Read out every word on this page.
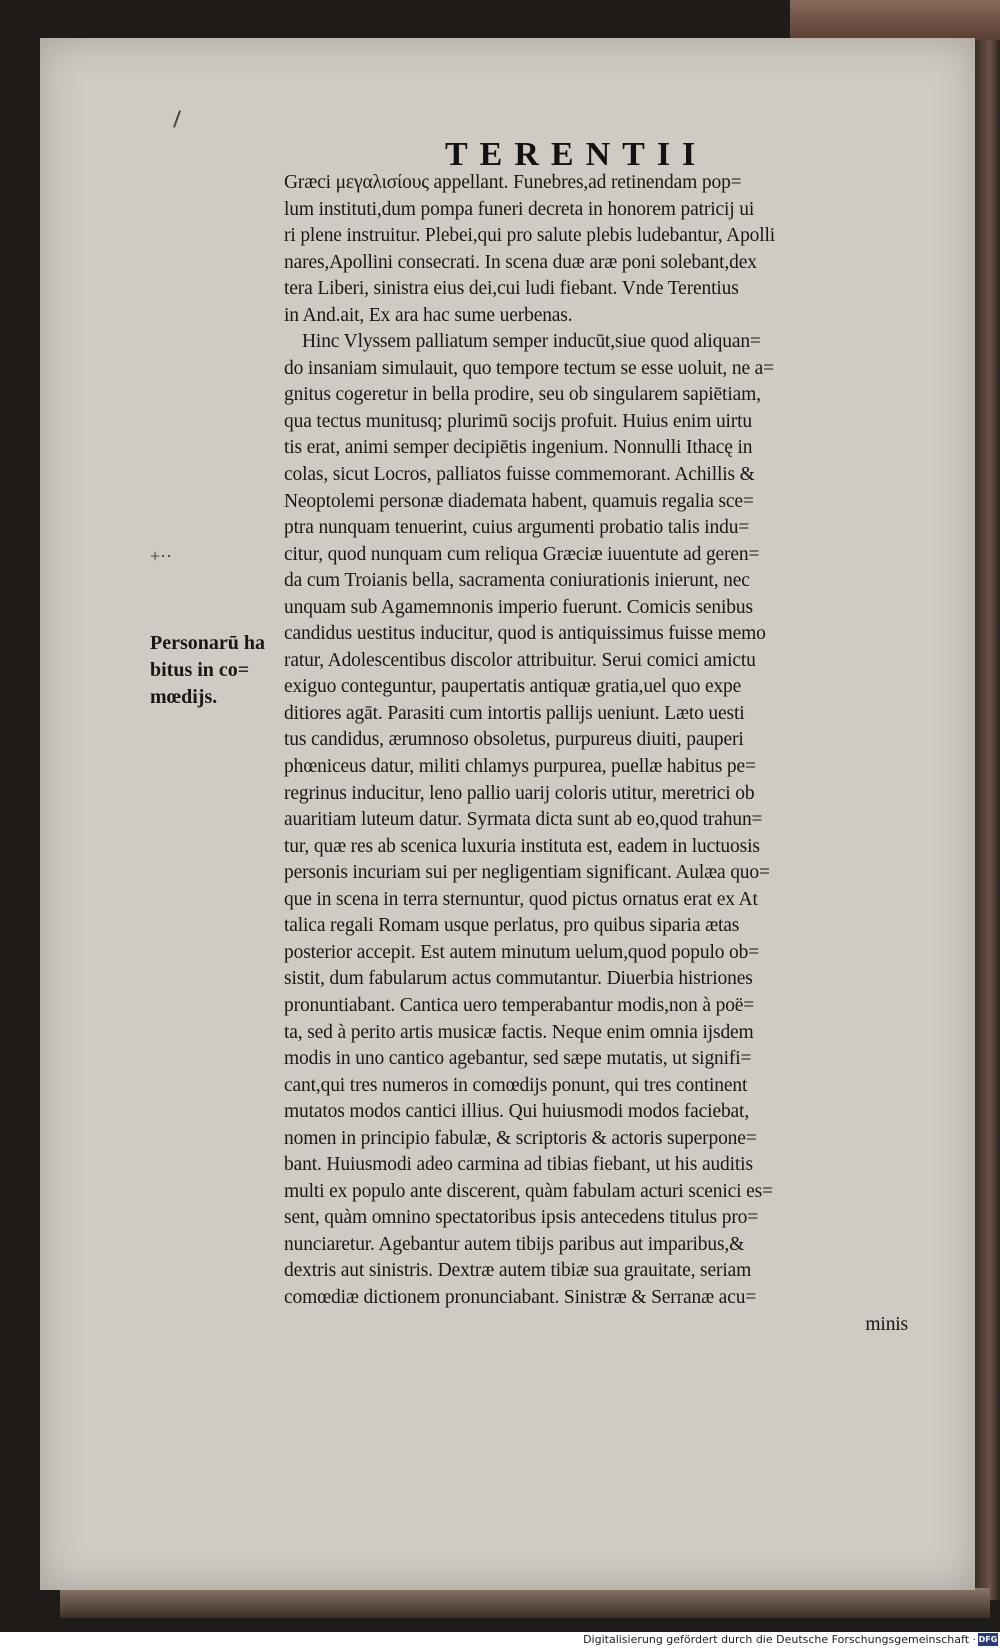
TERENTII
Græci μεγαλισίους appellant. Funebres,ad retinendam pop=
lum instituti,dum pompa funeri decreta in honorem patricij ui
ri plene instruitur. Plebei,qui pro salute plebis ludebantur, Apolli
nares,Apollini consecrati. In scena duæ aræ poni solebant,dex
tera Liberi, sinistra eius dei,cui ludi fiebant. Vnde Terentius
in And.ait, Ex ara hac sume uerbenas.
Hinc Vlyssem palliatum semper inducūt,siue quod aliquan=
do insaniam simulauit, quo tempore tectum se esse uoluit, ne a=
gnitus cogeretur in bella prodire, seu ob singularem sapiētiam,
qua tectus munitusq; plurimū socijs profuit. Huius enim uirtu
tis erat, animi semper decipiētis ingenium. Nonnulli Ithacę in
colas, sicut Locros, palliatos fuisse commemorant. Achillis &
Neoptolemi personæ diademata habent, quamuis regalia sce=
ptra nunquam tenuerint, cuius argumenti probatio talis indu=
citur, quod nunquam cum reliqua Græciæ iuuentute ad geren=
da cum Troianis bella, sacramenta coniurationis inierunt, nec
unquam sub Agamemnonis imperio fuerunt. Comicis senibus
candidus uestitus inducitur, quod is antiquissimus fuisse memo
ratur, Adolescentibus discolor attribuitur. Serui comici amictu
exiguo conteguntur, paupertatis antiquæ gratia,uel quo expe
ditiores agāt. Parasiti cum intortis pallijs ueniunt. Læto uesti
tus candidus, ærumnoso obsoletus, purpureus diuiti, pauperi
phœniceus datur, militi chlamys purpurea, puellæ habitus pe=
regrinus inducitur, leno pallio uarij coloris utitur, meretrici ob
auaritiam luteum datur. Syrmata dicta sunt ab eo,quod trahun=
tur, quæ res ab scenica luxuria instituta est, eadem in luctuosis
personis incuriam sui per negligentiam significant. Aulæa quo=
que in scena in terra sternuntur, quod pictus ornatus erat ex At
talica regali Romam usque perlatus, pro quibus siparia ætas
posterior accepit. Est autem minutum uelum,quod populo ob=
sistit, dum fabularum actus commutantur. Diuerbia histriones
pronuntiabant. Cantica uero temperabantur modis,non à poë=
ta, sed à perito artis musicæ factis. Neque enim omnia ijsdem
modis in uno cantico agebantur, sed sæpe mutatis, ut signifi=
cant,qui tres numeros in comœdijs ponunt, qui tres continent
mutatos modos cantici illius. Qui huiusmodi modos faciebat,
nomen in principio fabulæ, & scriptoris & actoris superpone=
bant. Huiusmodi adeo carmina ad tibias fiebant, ut his auditis
multi ex populo ante discerent, quàm fabulam acturi scenici es=
sent, quàm omnino spectatoribus ipsis antecedens titulus pro=
nunciaretur. Agebantur autem tibijs paribus aut imparibus,&
dextris aut sinistris. Dextræ autem tibiæ sua grauitate, seriam
comœdiæ dictionem pronunciabant. Sinistræ & Serranæ acu=
minis
+··
Personarū ha
bitus in co=
mœdijs.
Digitalisierung gefördert durch die Deutsche Forschungsgemeinschaft · DFG
